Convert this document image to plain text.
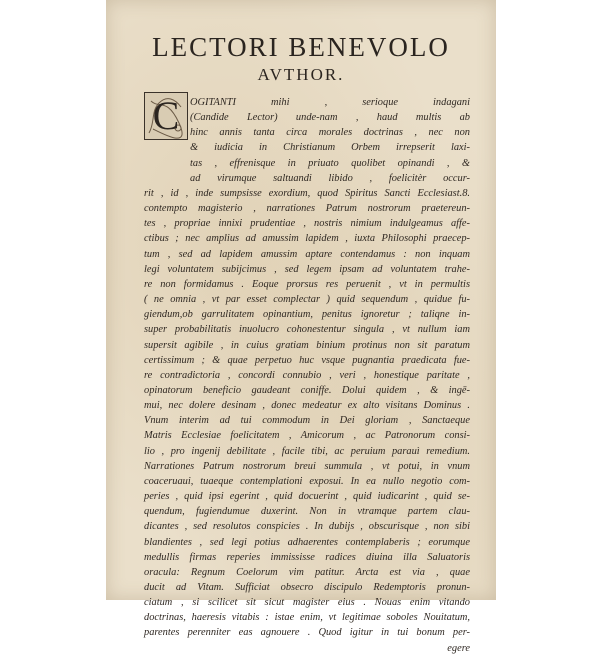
LECTORI BENEVOLO
AVTHOR.
C	OGITANTI mihi , serioque indagani
(Candide Lector) unde-nam , haud multis ab
hinc annis tanta circa morales doctrinas , nec non
& iudicia in Christianum Orbem irrepserit laxi-
tas , effrenisque in priuato quolibet opinandi , &
ad virumque saltuandi libido , foelicitèr occur-
rit , id , inde sumpsisse exordium, quod Spiritus Sancti Ecclesiast.8.
contempto magisterio , narrationes Patrum nostrorum praetereun-
tes , propriae innixi prudentiae , nostris nimium indulgeamus affe-
ctibus ; nec amplius ad amussim lapidem , iuxta Philosophi praecep-
tum , sed ad lapidem amussim aptare contendamus : non inquam
legi voluntatem subijcimus , sed legem ipsam ad voluntatem trahe-
re non formidamus . Eoque prorsus res peruenit , vt in permultis
( ne omnia , vt par esset complectar ) quid sequendum , quidue fu-
giendum,ob garrulitatem opinantium, penitus ignoretur ; taliqne in-
super probabilitatis inuolucro cohonestentur singula , vt nullum iam
supersit agibile , in cuius gratiam binium protinus non sit paratum
certissimum ; & quae perpetuo huc vsque pugnantia praedicata fue-
re contradictoria , concordi connubio , veri , honestique paritate ,
opinatorum beneficio gaudeant coniffe. Dolui quidem , & ingē-
mui, nec dolere desinam , donec medeatur ex alto visitans Dominus .
Vnum interim ad tui commodum in Dei gloriam , Sanctaeque
Matris Ecclesiae foelicitatem , Amicorum , ac Patronorum consi-
lio , pro ingenij debilitate , facile tibi, ac peruium parauì remedium.
Narrationes Patrum nostrorum breui summula , vt potui, in vnum
coaceruaui, tuaeque contemplationi exposui. In ea nullo negotio com-
peries , quid ipsi egerint , quid docuerint , quid iudicarint , quid se-
quendum, fugiendumue duxerint. Non in vtramque partem clau-
dicantes , sed resolutos conspicies . In dubijs , obscurisque , non sibi
blandientes , sed legi potius adhaerentes contemplaberis ; eorumque
medullis firmas reperies immississe radices diuina illa Saluatoris
oracula: Regnum Coelorum vim patitur. Arcta est via , quae
ducit ad Vitam. Sufficiat obsecro discipulo Redemptoris pronun-
ciatum , si scilicet sit sicut magister eius . Nouas enim vitando
doctrinas, haeresis vitabis : istae enim, vt legitimae soboles Nouitatum,
parentes perenniter eas agnouere . Quod igitur in tui bonum per-
egere
